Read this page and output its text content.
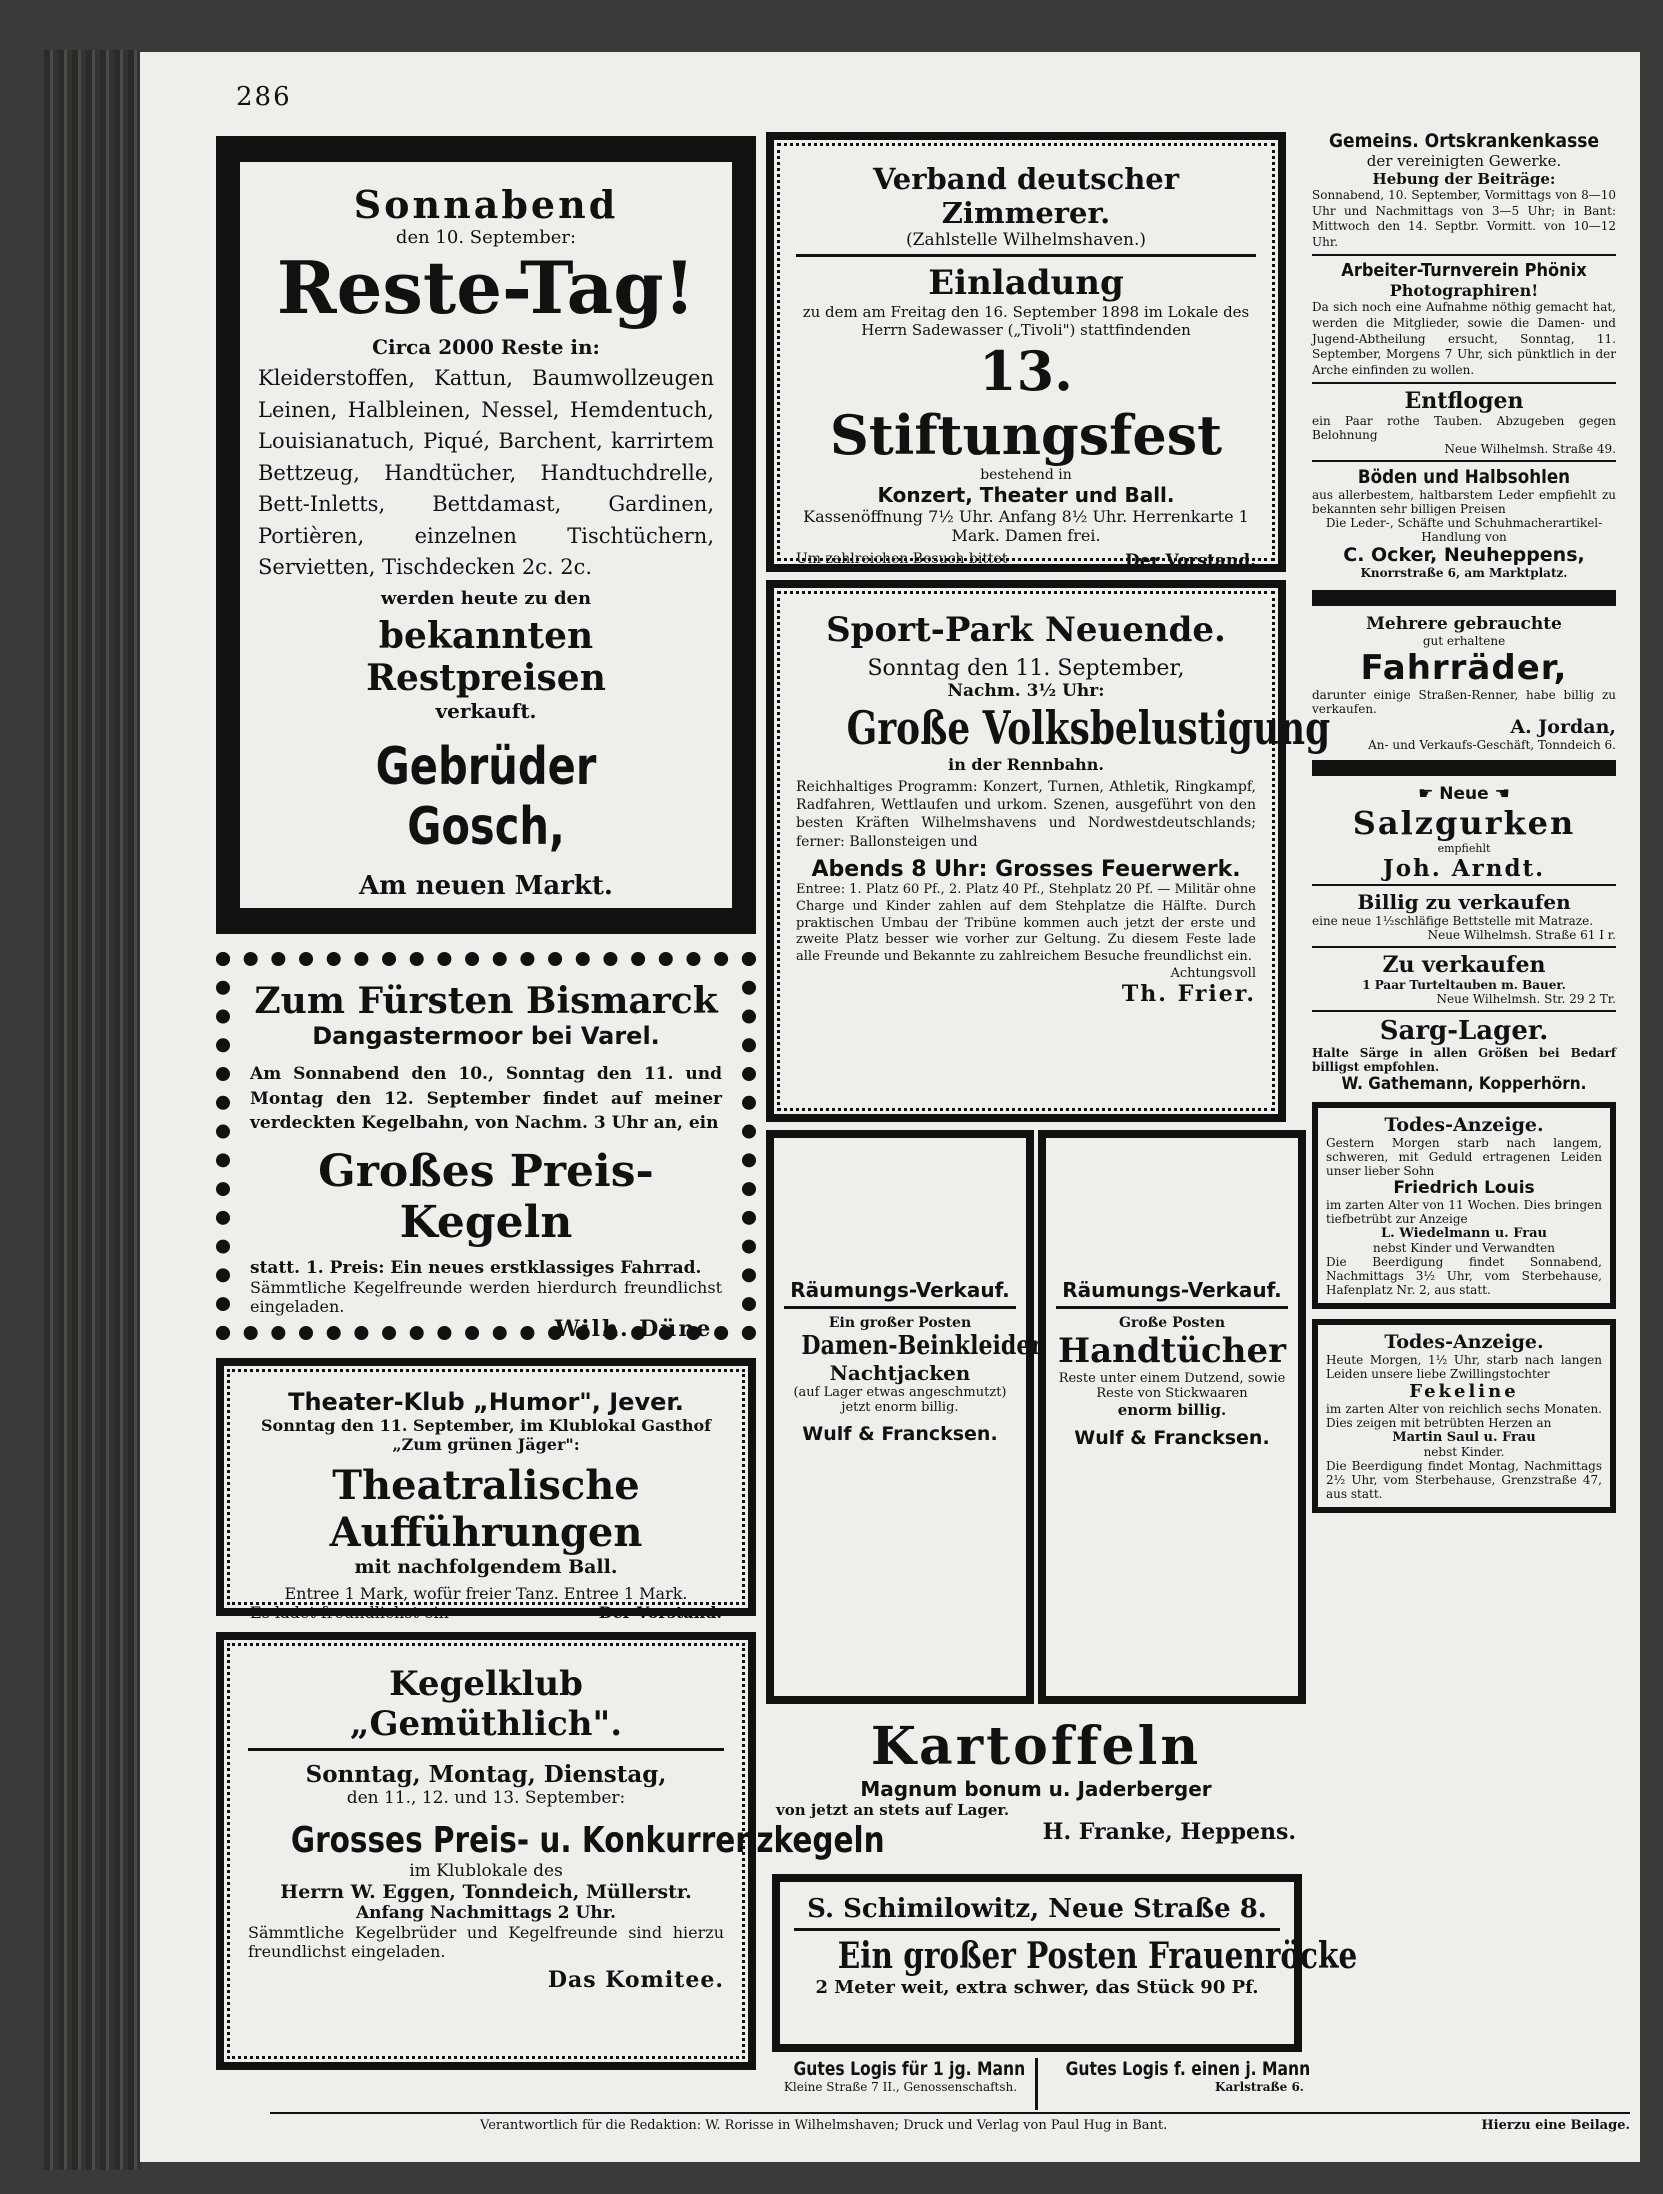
286

Sonnabend

den 10. September:

Reste-Tag!

Circa 2000 Reste in:

Kleiderstoffen, Kattun, Baumwollzeugen Leinen, Halbleinen, Nessel, Hemdentuch, Louisianatuch, Piqué, Barchent, karrirtem Bettzeug, Handtücher, Handtuchdrelle, Bett-Inletts, Bettdamast, Gardinen, Portièren, einzelnen Tischtüchern, Servietten, Tischdecken 2c. 2c.

werden heute zu den

bekannten Restpreisen

verkauft.

Gebrüder Gosch,

Am neuen Markt.

Zum Fürsten Bismarck

Dangastermoor bei Varel.

Am Sonnabend den 10., Sonntag den 11. und Montag den 12. September findet auf meiner verdeckten Kegelbahn, von Nachm. 3 Uhr an, ein

Großes Preis-Kegeln

statt. 1. Preis: Ein neues erstklassiges Fahrrad.

Sämmtliche Kegelfreunde werden hierdurch freundlichst eingeladen.

Wilh. Düne.

Theater-Klub „Humor", Jever.

Sonntag den 11. September, im Klublokal Gasthof „Zum grünen Jäger":

Theatralische Aufführungen

mit nachfolgendem Ball.

Entree 1 Mark, wofür freier Tanz. Entree 1 Mark.

Es ladet freundlichst ein	Der Vorstand.

Kegelklub „Gemüthlich".

Sonntag, Montag, Dienstag,

den 11., 12. und 13. September:

Grosses Preis- u. Konkurrenzkegeln

im Klublokale des

Herrn W. Eggen, Tonndeich, Müllerstr.

Anfang Nachmittags 2 Uhr.

Sämmtliche Kegelbrüder und Kegelfreunde sind hierzu freundlichst eingeladen.

Das Komitee.

Verband deutscher Zimmerer.

(Zahlstelle Wilhelmshaven.)

Einladung

zu dem am Freitag den 16. September 1898 im Lokale des Herrn Sadewasser („Tivoli") stattfindenden

13. Stiftungsfest

bestehend in

Konzert, Theater und Ball.

Kassenöffnung 7½ Uhr. Anfang 8½ Uhr. Herrenkarte 1 Mark. Damen frei.

Um zahlreichen Besuch bittet	Der Vorstand.

Sport-Park Neuende.

Sonntag den 11. September,

Nachm. 3½ Uhr:

Große Volksbelustigung

in der Rennbahn.

Reichhaltiges Programm: Konzert, Turnen, Athletik, Ringkampf, Radfahren, Wettlaufen und urkom. Szenen, ausgeführt von den besten Kräften Wilhelmshavens und Nordwestdeutschlands; ferner: Ballonsteigen und

Abends 8 Uhr: Grosses Feuerwerk.

Entree: 1. Platz 60 Pf., 2. Platz 40 Pf., Stehplatz 20 Pf. — Militär ohne Charge und Kinder zahlen auf dem Stehplatze die Hälfte. Durch praktischen Umbau der Tribüne kommen auch jetzt der erste und zweite Platz besser wie vorher zur Geltung. Zu diesem Feste lade alle Freunde und Bekannte zu zahlreichem Besuche freundlichst ein.

Achtungsvoll

Th. Frier.

Räumungs-Verkauf.

Ein großer Posten

Damen-Beinkleider

Nachtjacken

(auf Lager etwas angeschmutzt) jetzt enorm billig.

Wulf & Francksen.

Räumungs-Verkauf.

Große Posten

Handtücher

Reste unter einem Dutzend, sowie Reste von Stickwaaren

enorm billig.

Wulf & Francksen.

Kartoffeln

Magnum bonum u. Jaderberger

von jetzt an stets auf Lager.

H. Franke, Heppens.

S. Schimilowitz, Neue Straße 8.

Ein großer Posten Frauenröcke

2 Meter weit, extra schwer, das Stück 90 Pf.

Gutes Logis für 1 jg. Mann

Kleine Straße 7 II., Genossenschaftsh.

Gutes Logis f. einen j. Mann

Karlstraße 6.

Gemeins. Ortskrankenkasse

der vereinigten Gewerke.

Hebung der Beiträge:

Sonnabend, 10. September, Vormittags von 8—10 Uhr und Nachmittags von 3—5 Uhr; in Bant: Mittwoch den 14. Septbr. Vormitt. von 10—12 Uhr.

Arbeiter-Turnverein Phönix

Photographiren!

Da sich noch eine Aufnahme nöthig gemacht hat, werden die Mitglieder, sowie die Damen- und Jugend-Abtheilung ersucht, Sonntag, 11. September, Morgens 7 Uhr, sich pünktlich in der Arche einfinden zu wollen.

Entflogen

ein Paar rothe Tauben. Abzugeben gegen Belohnung

Neue Wilhelmsh. Straße 49.

Böden und Halbsohlen

aus allerbestem, haltbarstem Leder empfiehlt zu bekannten sehr billigen Preisen

Die Leder-, Schäfte und Schuhmacherartikel-Handlung von

C. Ocker, Neuheppens,

Knorrstraße 6, am Marktplatz.

Mehrere gebrauchte

gut erhaltene

Fahrräder,

darunter einige Straßen-Renner, habe billig zu verkaufen.

A. Jordan,

An- und Verkaufs-Geschäft, Tonndeich 6.

☛ Neue ☚

Salzgurken

empfiehlt

Joh. Arndt.

Billig zu verkaufen

eine neue 1½schläfige Bettstelle mit Matraze.

Neue Wilhelmsh. Straße 61 I r.

Zu verkaufen

1 Paar Turteltauben m. Bauer.

Neue Wilhelmsh. Str. 29 2 Tr.

Sarg-Lager.

Halte Särge in allen Größen bei Bedarf billigst empfohlen.

W. Gathemann, Kopperhörn.

Todes-Anzeige.

Gestern Morgen starb nach langem, schweren, mit Geduld ertragenen Leiden unser lieber Sohn

Friedrich Louis

im zarten Alter von 11 Wochen. Dies bringen tiefbetrübt zur Anzeige

L. Wiedelmann u. Frau

nebst Kinder und Verwandten

Die Beerdigung findet Sonnabend, Nachmittags 3½ Uhr, vom Sterbehause, Hafenplatz Nr. 2, aus statt.

Todes-Anzeige.

Heute Morgen, 1½ Uhr, starb nach langen Leiden unsere liebe Zwillingstochter

Fekeline

im zarten Alter von reichlich sechs Monaten. Dies zeigen mit betrübten Herzen an

Martin Saul u. Frau

nebst Kinder.

Die Beerdigung findet Montag, Nachmittags 2½ Uhr, vom Sterbehause, Grenzstraße 47, aus statt.

Verantwortlich für die Redaktion: W. Rorisse in Wilhelmshaven; Druck und Verlag von Paul Hug in Bant.	Hierzu eine Beilage.
